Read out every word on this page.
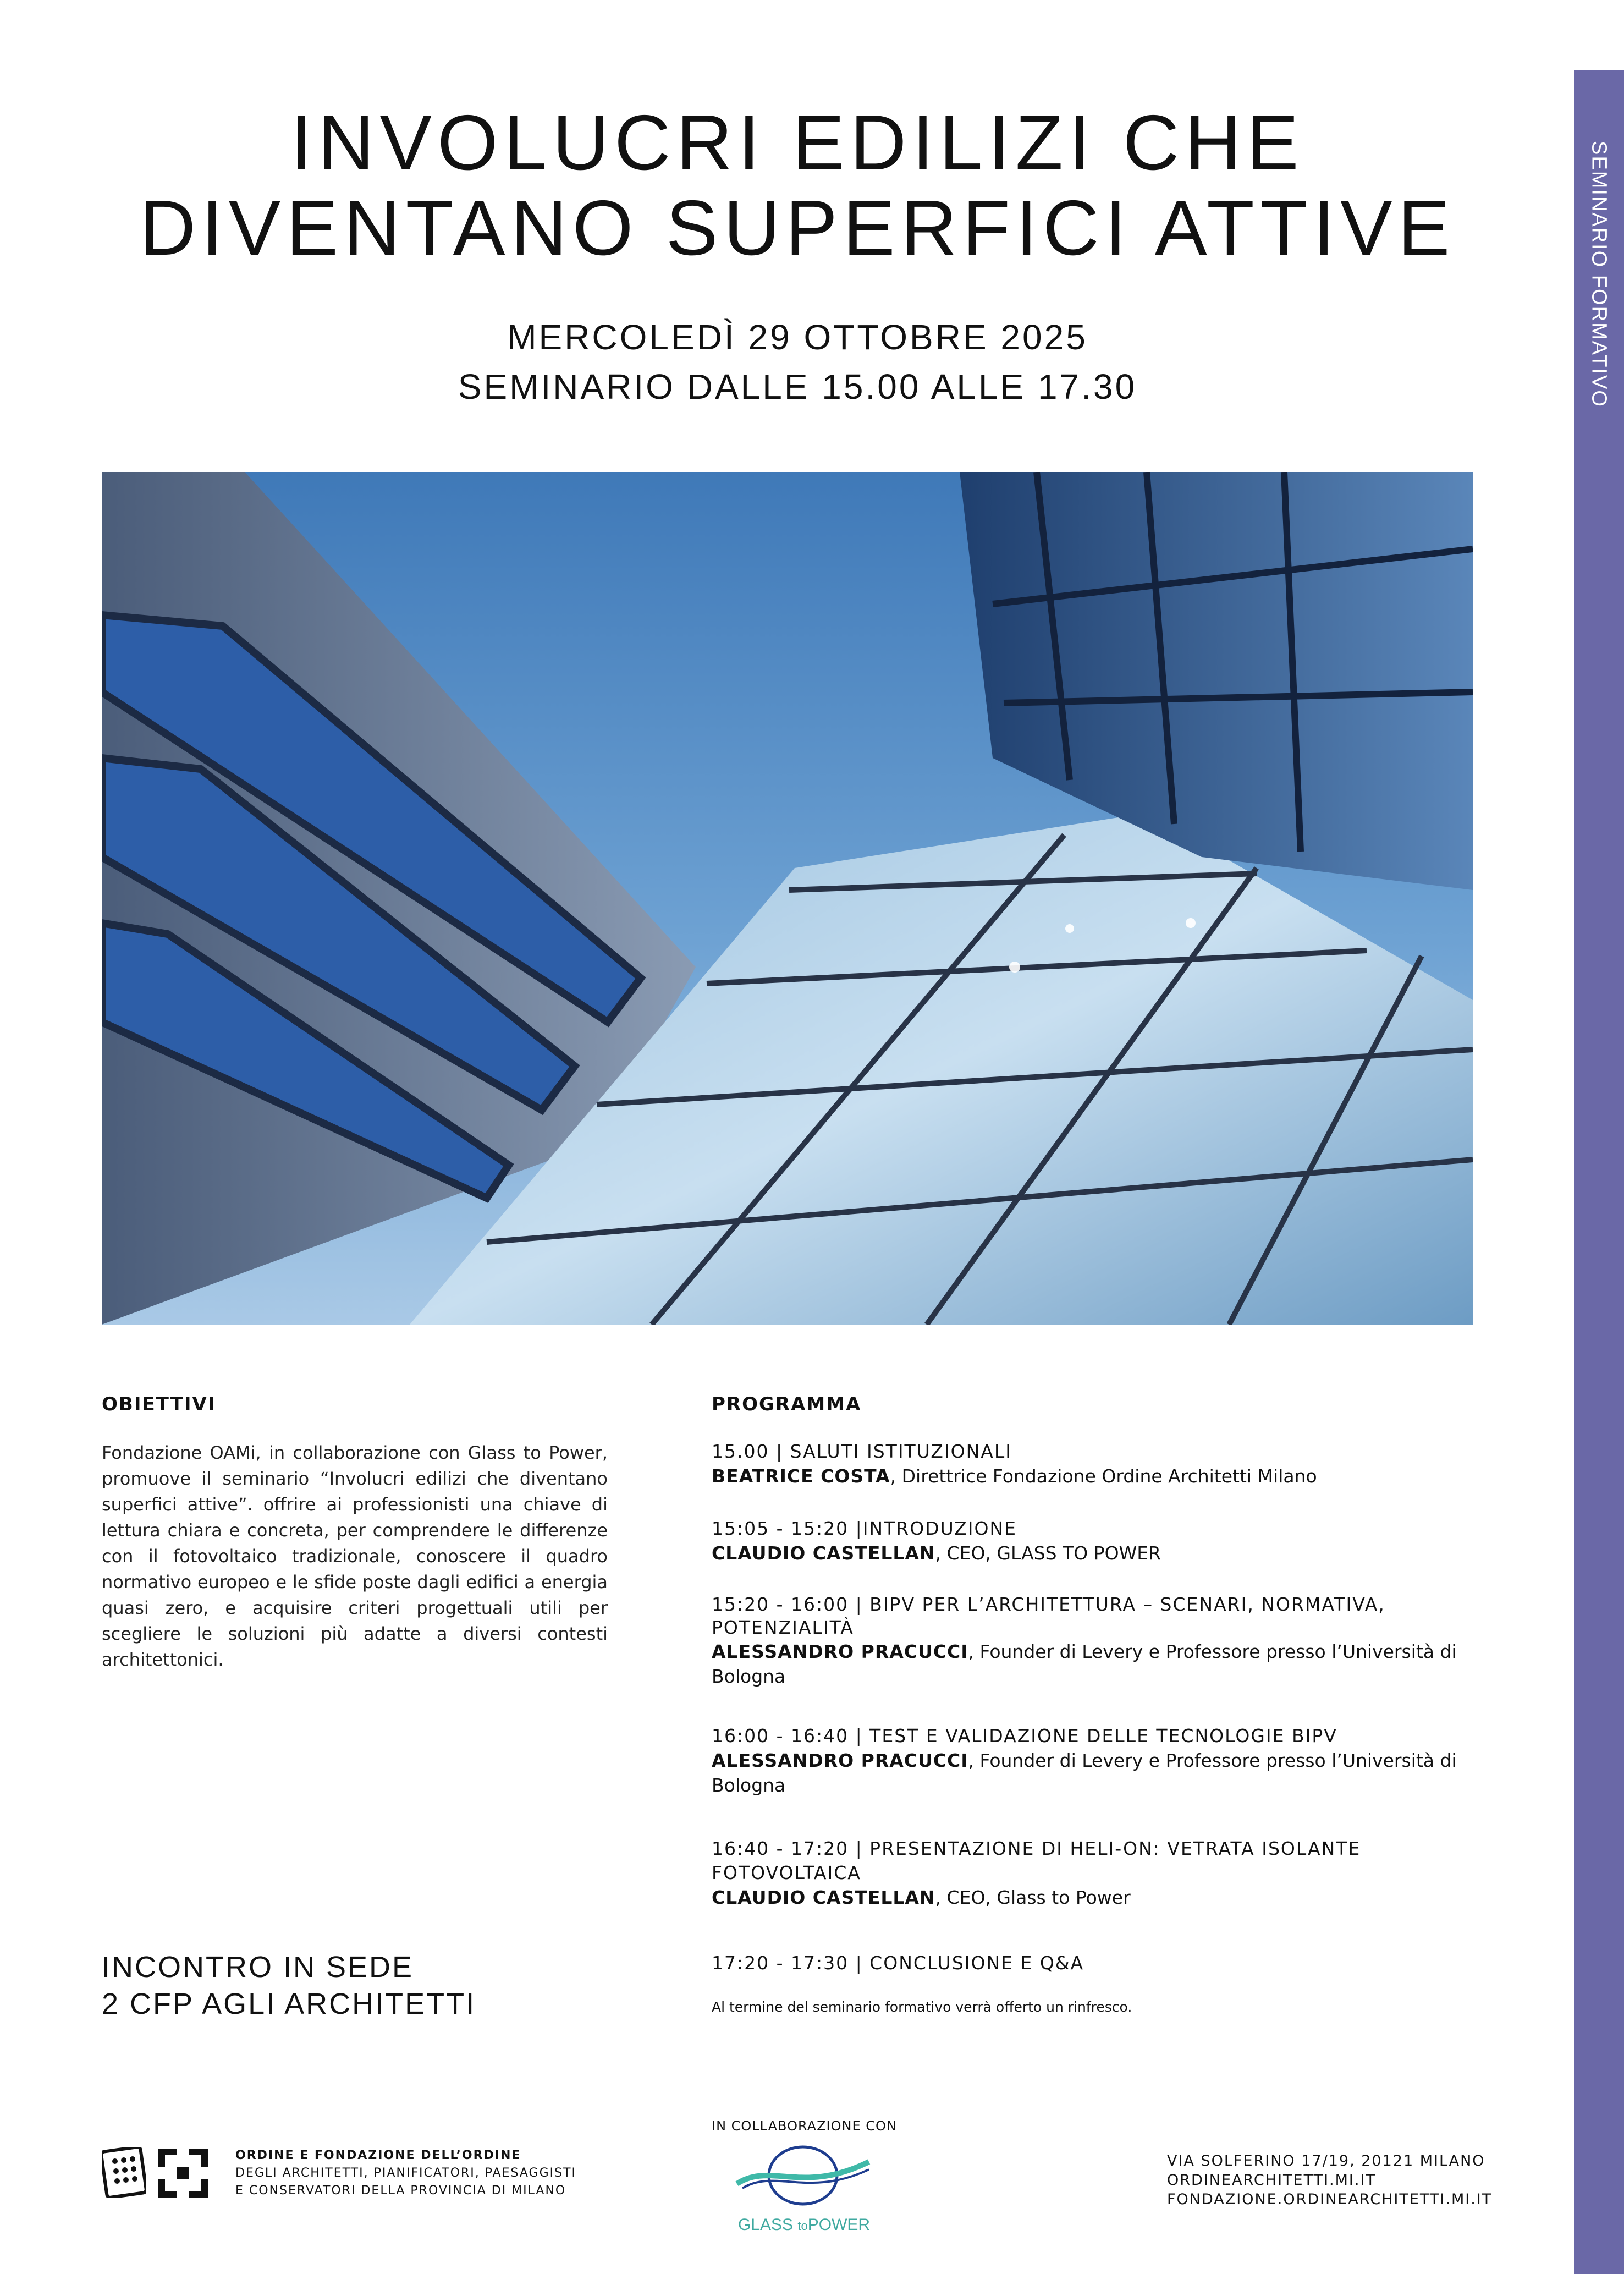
SEMINARIO FORMATIVO
INVOLUCRI EDILIZI CHE
DIVENTANO SUPERFICI ATTIVE
MERCOLEDÌ 29 OTTOBRE 2025
SEMINARIO DALLE 15.00 ALLE 17.30
OBIETTIVI
Fondazione OAMi, in collaborazione con Glass to Power, promuove il seminario “Involucri edilizi che diventano superfici attive”. offrire ai professionisti una chiave di lettura chiara e concreta, per comprendere le differenze con il fotovoltaico tradizionale, conoscere il quadro normativo europeo e le sfide poste dagli edifici a energia quasi zero, e acquisire criteri progettuali utili per scegliere le soluzioni più adatte a diversi contesti architettonici.
INCONTRO IN SEDE
2 CFP AGLI ARCHITETTI
PROGRAMMA
15.00 | SALUTI ISTITUZIONALI
BEATRICE COSTA, Direttrice Fondazione Ordine Architetti Milano
15:05 - 15:20 |INTRODUZIONE
CLAUDIO CASTELLAN, CEO, GLASS TO POWER
15:20 - 16:00 | BIPV PER L’ARCHITETTURA – SCENARI, NORMATIVA, POTENZIALITÀ
ALESSANDRO PRACUCCI, Founder di Levery e Professore presso l’Università di Bologna
16:00 - 16:40 | TEST E VALIDAZIONE DELLE TECNOLOGIE BIPV
ALESSANDRO PRACUCCI, Founder di Levery e Professore presso l’Università di Bologna
16:40 - 17:20 | PRESENTAZIONE DI HELI-ON: VETRATA ISOLANTE FOTOVOLTAICA
CLAUDIO CASTELLAN, CEO, Glass to Power
17:20 - 17:30 | CONCLUSIONE E Q&A
Al termine del seminario formativo verrà offerto un rinfresco.
ORDINE E FONDAZIONE DELL’ORDINE
DEGLI ARCHITETTI, PIANIFICATORI, PAESAGGISTI
E CONSERVATORI DELLA PROVINCIA DI MILANO
IN COLLABORAZIONE CON
GLASS toPOWER
VIA SOLFERINO 17/19, 20121 MILANO
ORDINEARCHITETTI.MI.IT
FONDAZIONE.ORDINEARCHITETTI.MI.IT
